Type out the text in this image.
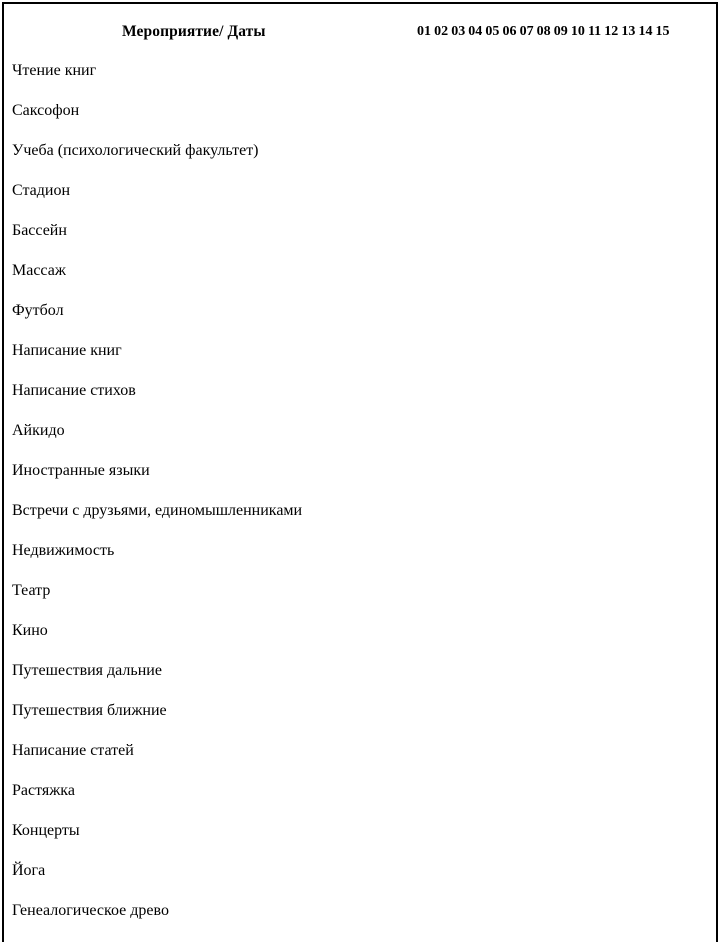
Мероприятие/ Даты	01 02 03 04 05 06 07 08 09 10 11 12 13 14 15
Чтение книг
Саксофон
Учеба (психологический факультет)
Стадион
Бассейн
Массаж
Футбол
Написание книг
Написание стихов
Айкидо
Иностранные языки
Встречи с друзьями, единомышленниками
Недвижимость
Театр
Кино
Путешествия дальние
Путешествия ближние
Написание статей
Растяжка
Концерты
Йога
Генеалогическое древо
